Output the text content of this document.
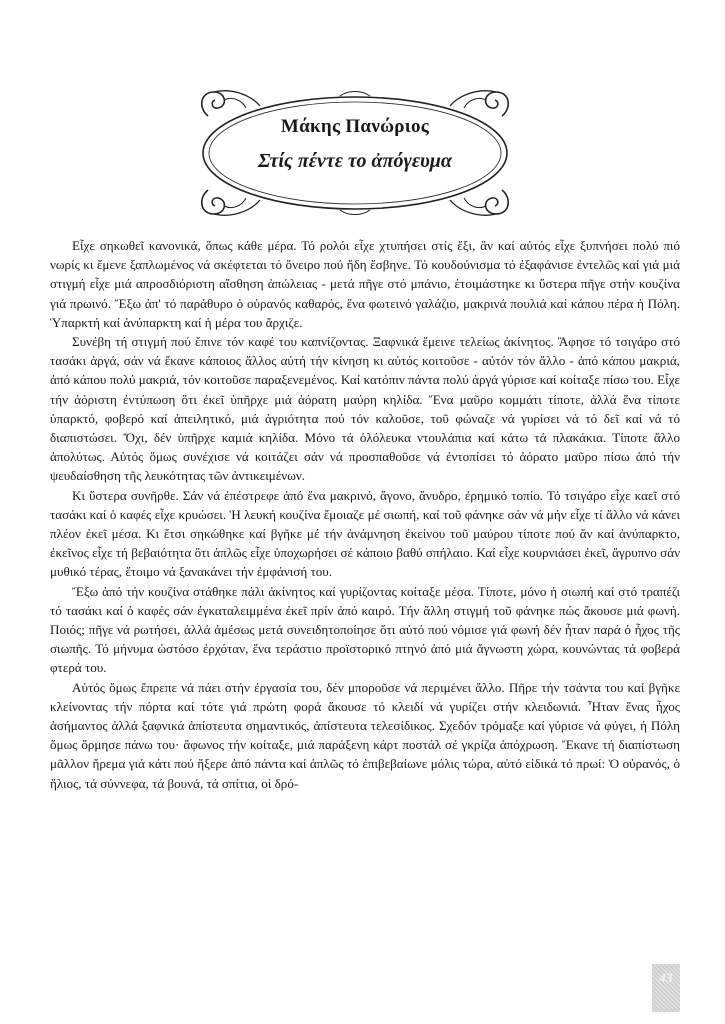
Μάκης Πανώριος
Στίς πέντε το ἀπόγευμα

Εἶχε σηκωθεῖ κανονικά, ὅπως κάθε μέρα. Τό ρολόι εἶχε χτυπήσει στίς ἕξι, ἄν καί αὐτός εἶχε ξυπνήσει πολύ πιό νωρίς κι ἔμενε ξαπλωμένος νά σκέφτεται τό ὄνειρο πού ἤδη ἔσβηνε. Τό κουδούνισμα τό ἐξαφάνισε ἐντελῶς καί γιά μιά στιγμή εἶχε μιά απροσδιόριστη αἴσθηση ἀπώλειας - μετά πῆγε στό μπάνιο, ἑτοιμάστηκε κι ὕστερα πῆγε στήν κουζίνα γιά πρωινό. Ἔξω ἀπ' τό παράθυρο ὁ οὐρανός καθαρός, ἕνα φωτεινό γαλάζιο, μακρινά πουλιά καί κάπου πέρα ἡ Πόλη. Ὑπαρκτή καί ἀνύπαρκτη καί ἡ μέρα του ἄρχιζε.

Συνέβη τή στιγμή πού ἔπινε τόν καφέ του καπνίζοντας. Ξαφνικά ἔμεινε τελείως ἀκίνητος. Ἄφησε τό τσιγάρο στό τασάκι ἀργά, σάν νά ἔκανε κάποιος ἄλλος αὐτή τήν κίνηση κι αὐτός κοιτοῦσε - αὐτόν τόν ἄλλο - ἀπό κάπου μακριά, ἀπό κάπου πολύ μακριά, τόν κοιτοῦσε παραξενεμένος. Καί κατόπιν πάντα πολύ ἀργά γύρισε καί κοίταξε πίσω του. Εἶχε τήν ἀόριστη ἐντύπωση ὅτι ἐκεῖ ὑπῆρχε μιά ἀόρατη μαύρη κηλίδα. Ἕνα μαῦρο κομμάτι τίποτε, ἀλλά ἕνα τίποτε ὑπαρκτό, φοβερό καί ἀπειλητικό, μιά ἀγριότητα πού τόν καλοῦσε, τοῦ φώναζε νά γυρίσει νά τό δεῖ καί νά τό διαπιστώσει. Ὄχι, δέν ὑπῆρχε καμιά κηλίδα. Μόνο τά ὁλόλευκα ντουλάπια καί κάτω τά πλακάκια. Τίποτε ἄλλο ἀπολύτως. Αὐτός ὅμως συνέχισε νά κοιτάζει σάν νά προσπαθοῦσε νά ἐντοπίσει τό ἀόρατο μαῦρο πίσω ἀπό τήν ψευδαίσθηση τῆς λευκότητας τῶν ἀντικειμένων.

Κι ὕστερα συνῆρθε. Σάν νά ἐπέστρεφε ἀπό ἕνα μακρινό, ἄγονο, ἄνυδρο, ἐρημικό τοπίο. Τό τσιγάρο εἶχε καεῖ στό τασάκι καί ὁ καφές εἶχε κρυώσει. Ἡ λευκή κουζίνα ἔμοιαζε μέ σιωπή, καί τοῦ φάνηκε σάν νά μήν εἶχε τί ἄλλο νά κάνει πλέον ἐκεῖ μέσα. Κι ἔτσι σηκώθηκε καί βγῆκε μέ τήν ἀνάμνηση ἐκείνου τοῦ μαύρου τίποτε πού ἄν καί ἀνύπαρκτο, ἐκεῖνος εἶχε τή βεβαιότητα ὅτι ἁπλῶς εἶχε ὑποχωρήσει σέ κάποιο βαθύ σπήλαιο. Καί εἶχε κουρνιάσει ἐκεῖ, ἄγρυπνο σάν μυθικό τέρας, ἕτοιμο νά ξανακάνει τήν ἐμφάνισή του.

Ἔξω ἀπό τήν κουζίνα στάθηκε πάλι ἀκίνητος καί γυρίζοντας κοίταξε μέσα. Τίποτε, μόνο ἡ σιωπή καί στό τραπέζι τό τασάκι καί ὁ καφές σάν ἐγκαταλειμμένα ἐκεῖ πρίν ἀπό καιρό. Τήν ἄλλη στιγμή τοῦ φάνηκε πώς ἄκουσε μιά φωνή. Ποιός; πῆγε νά ρωτήσει, ἀλλά ἀμέσως μετά συνειδητοποίησε ὅτι αὐτό πού νόμισε γιά φωνή δέν ἦταν παρά ὁ ἦχος τῆς σιωπῆς. Τό μήνυμα ὡστόσο ἐρχόταν, ἕνα τεράστιο προϊστορικό πτηνό ἀπό μιά ἄγνωστη χώρα, κουνώντας τά φοβερά φτερά του.

Αὐτός ὅμως ἔπρεπε νά πάει στήν ἐργασία του, δέν μποροῦσε νά περιμένει ἄλλο. Πῆρε τήν τσάντα του καί βγῆκε κλείνοντας τήν πόρτα καί τότε γιά πρώτη φορά ἄκουσε τό κλειδί νά γυρίζει στήν κλειδωνιά. Ἦταν ἕνας ἦχος ἀσήμαντος ἀλλά ξαφνικά ἀπίστευτα σημαντικός, ἀπίστευτα τελεσίδικος. Σχεδόν τρόμαξε καί γύρισε νά φύγει, ἡ Πόλη ὅμως ὅρμησε πάνω του· ἄφωνος τήν κοίταξε, μιά παράξενη κάρτ ποστάλ σέ γκρίζα ἀπόχρωση. Ἔκανε τή διαπίστωση μᾶλλον ἤρεμα γιά κάτι πού ἤξερε ἀπό πάντα καί ἁπλῶς τό ἐπιβεβαίωνε μόλις τώρα, αὐτό εἰδικά τό πρωί: Ὁ οὐρανός, ὁ ἥλιος, τά σύννεφα, τά βουνά, τά σπίτια, οἱ δρό-

43
